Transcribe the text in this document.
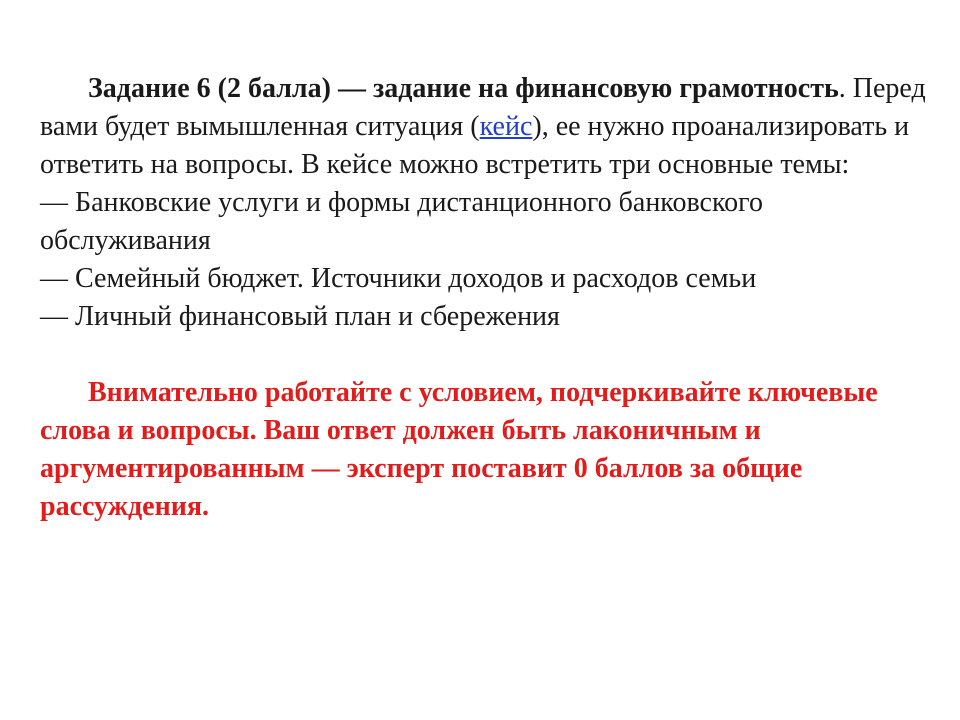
Задание 6 (2 балла) — задание на финансовую грамотность. Перед вами будет вымышленная ситуация (кейс), ее нужно проанализировать и ответить на вопросы. В кейсе можно встретить три основные темы:

— Банковские услуги и формы дистанционного банковского обслуживания
— Семейный бюджет. Источники доходов и расходов семьи
— Личный финансовый план и сбережения

Внимательно работайте с условием, подчеркивайте ключевые слова и вопросы. Ваш ответ должен быть лаконичным и аргументированным — эксперт поставит 0 баллов за общие рассуждения.
